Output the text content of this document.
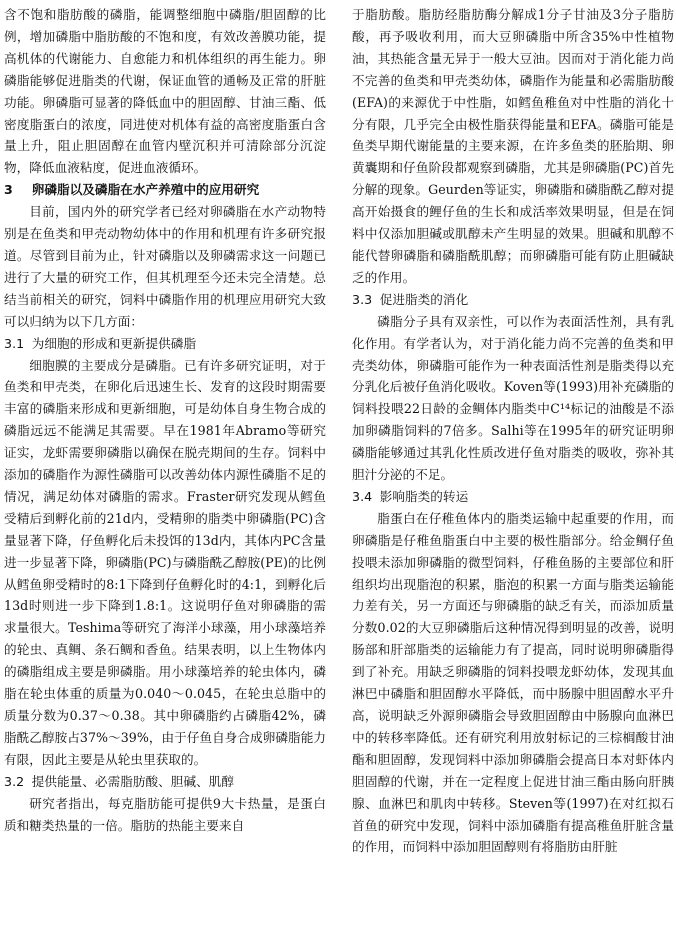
含不饱和脂肪酸的磷脂，能调整细胞中磷脂/胆固醇的比例，增加磷脂中脂肪酸的不饱和度，有效改善膜功能，提高机体的代谢能力、自愈能力和机体组织的再生能力。卵磷脂能够促进脂类的代谢，保证血管的通畅及正常的肝脏功能。卵磷脂可显著的降低血中的胆固醇、甘油三酯、低密度脂蛋白的浓度，同进使对机体有益的高密度脂蛋白含量上升，阻止胆固醇在血管内壁沉积并可清除部分沉淀物，降低血液粘度，促进血液循环。

3 卵磷脂以及磷脂在水产养殖中的应用研究

目前，国内外的研究学者已经对卵磷脂在水产动物特别是在鱼类和甲壳动物幼体中的作用和机理有许多研究报道。尽管到目前为止，针对磷脂以及卵磷需求这一问题已进行了大量的研究工作，但其机理至今还未完全清楚。总结当前相关的研究，饲料中磷脂作用的机理应用研究大致可以归纳为以下几方面：

3.1 为细胞的形成和更新提供磷脂

细胞膜的主要成分是磷脂。已有许多研究证明，对于鱼类和甲壳类，在卵化后迅速生长、发育的这段时期需要丰富的磷脂来形成和更新细胞，可是幼体自身生物合成的磷脂远远不能满足其需要。早在1981年Abramo等研究证实，龙虾需要卵磷脂以确保在脱壳期间的生存。饲料中添加的磷脂作为源性磷脂可以改善幼体内源性磷脂不足的情况，满足幼体对磷脂的需求。Fraster研究发现从鳕鱼受精后到孵化前的21d内，受精卵的脂类中卵磷脂(PC)含量显著下降，仔鱼孵化后未投饵的13d内，其体内PC含量进一步显著下降，卵磷脂(PC)与磷脂酰乙醇胺(PE)的比例从鳕鱼卵受精时的8:1下降到仔鱼孵化时的4:1，到孵化后13d时则进一步下降到1.8:1。这说明仔鱼对卵磷脂的需求量很大。Teshima等研究了海洋小球藻，用小球藻培养的轮虫、真鲷、条石鲷和香鱼。结果表明，以上生物体内的磷脂组成主要是卵磷脂。用小球藻培养的轮虫体内，磷脂在轮虫体重的质量为0.040～0.045，在轮虫总脂中的质量分数为0.37～0.38。其中卵磷脂约占磷脂42%，磷脂酰乙醇胺占37%～39%，由于仔鱼自身合成卵磷脂能力有限，因此主要是从轮虫里获取的。

3.2 提供能量、必需脂肪酸、胆碱、肌醇

研究者指出，每克脂肪能可提供9大卡热量，是蛋白质和糖类热量的一倍。脂肪的热能主要来自

于脂肪酸。脂肪经脂肪酶分解成1分子甘油及3分子脂肪酸，再予吸收利用，而大豆卵磷脂中所含35%中性植物油，其热能含量无异于一般大豆油。因而对于消化能力尚不完善的鱼类和甲壳类幼体，磷脂作为能量和必需脂肪酸(EFA)的来源优于中性脂，如鳕鱼稚鱼对中性脂的消化十分有限，几乎完全由极性脂获得能量和EFA。磷脂可能是鱼类早期代谢能量的主要来源，在许多鱼类的胚胎期、卵黄囊期和仔鱼阶段都观察到磷脂，尤其是卵磷脂(PC)首先分解的现象。Geurden等证实，卵磷脂和磷脂酰乙醇对提高开始摄食的鲤仔鱼的生长和成活率效果明显，但是在饲料中仅添加胆碱或肌醇未产生明显的效果。胆碱和肌醇不能代替卵磷脂和磷脂酰肌醇；而卵磷脂可能有防止胆碱缺乏的作用。

3.3 促进脂类的消化

磷脂分子具有双亲性，可以作为表面活性剂，具有乳化作用。有学者认为，对于消化能力尚不完善的鱼类和甲壳类幼体，卵磷脂可能作为一种表面活性剂是脂类得以充分乳化后被仔鱼消化吸收。Koven等(1993)用补充磷脂的饲料投喂22日龄的金鲷体内脂类中C¹⁴标记的油酸是不添加卵磷脂饲料的7倍多。Salhi等在1995年的研究证明卵磷脂能够通过其乳化性质改进仔鱼对脂类的吸收，弥补其胆汁分泌的不足。

3.4 影响脂类的转运

脂蛋白在仔稚鱼体内的脂类运输中起重要的作用，而卵磷脂是仔稚鱼脂蛋白中主要的极性脂部分。给金鲷仔鱼投喂未添加卵磷脂的微型饲料，仔稚鱼肠的主要部位和肝组织均出现脂泡的积累，脂泡的积累一方面与脂类运输能力差有关，另一方面还与卵磷脂的缺乏有关，而添加质量分数0.02的大豆卵磷脂后这种情况得到明显的改善，说明肠部和肝部脂类的运输能力有了提高，同时说明卵磷脂得到了补充。用缺乏卵磷脂的饲料投喂龙虾幼体，发现其血淋巴中磷脂和胆固醇水平降低，而中肠腺中胆固醇水平升高，说明缺乏外源卵磷脂会导致胆固醇由中肠腺向血淋巴中的转移率降低。还有研究利用放射标记的三棕榈酸甘油酯和胆固醇，发现饲料中添加卵磷脂会提高日本对虾体内胆固醇的代谢，并在一定程度上促进甘油三酯由肠向肝胰腺、血淋巴和肌肉中转移。Steven等(1997)在对红拟石首鱼的研究中发现，饲料中添加磷脂有提高稚鱼肝脏含量的作用，而饲料中添加胆固醇则有将脂肪由肝脏
